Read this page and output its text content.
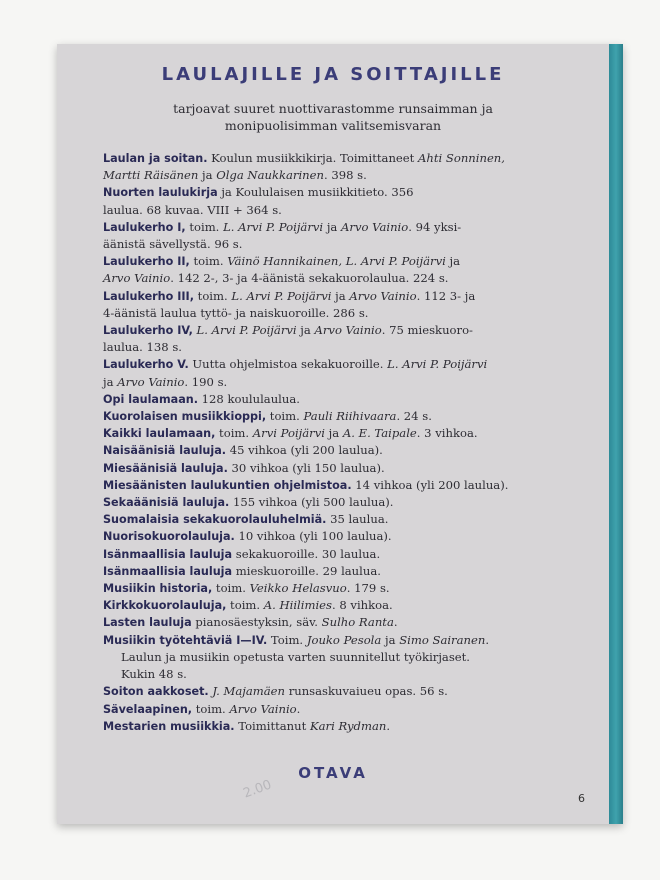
LAULAJILLE JA SOITTAJILLE
tarjoavat suuret nuottivarastomme runsaimman ja
monipuolisimman valitsemisvaran
Laulan ja soitan. Koulun musiikkikirja. Toimittaneet Ahti Sonninen,
Martti Räisänen ja Olga Naukkarinen. 398 s.
Nuorten laulukirja ja Koululaisen musiikkitieto. 356
laulua. 68 kuvaa. VIII + 364 s.
Laulukerho I, toim. L. Arvi P. Poijärvi ja Arvo Vainio. 94 yksi-
äänistä sävellystä. 96 s.
Laulukerho II, toim. Väinö Hannikainen, L. Arvi P. Poijärvi ja
Arvo Vainio. 142 2-, 3- ja 4-äänistä sekakuorolaulua. 224 s.
Laulukerho III, toim. L. Arvi P. Poijärvi ja Arvo Vainio. 112 3- ja
4-äänistä laulua tyttö- ja naiskuoroille. 286 s.
Laulukerho IV, L. Arvi P. Poijärvi ja Arvo Vainio. 75 mieskuoro-
laulua. 138 s.
Laulukerho V. Uutta ohjelmistoa sekakuoroille. L. Arvi P. Poijärvi
ja Arvo Vainio. 190 s.
Opi laulamaan. 128 koululaulua.
Kuorolaisen musiikkioppi, toim. Pauli Riihivaara. 24 s.
Kaikki laulamaan, toim. Arvi Poijärvi ja A. E. Taipale. 3 vihkoa.
Naisäänisiä lauluja. 45 vihkoa (yli 200 laulua).
Miesäänisiä lauluja. 30 vihkoa (yli 150 laulua).
Miesäänisten laulukuntien ohjelmistoa. 14 vihkoa (yli 200 laulua).
Sekaäänisiä lauluja. 155 vihkoa (yli 500 laulua).
Suomalaisia sekakuorolauluhelmiä. 35 laulua.
Nuorisokuorolauluja. 10 vihkoa (yli 100 laulua).
Isänmaallisia lauluja sekakuoroille. 30 laulua.
Isänmaallisia lauluja mieskuoroille. 29 laulua.
Musiikin historia, toim. Veikko Helasvuo. 179 s.
Kirkkokuorolauluja, toim. A. Hiilimies. 8 vihkoa.
Lasten lauluja pianosäestyksin, säv. Sulho Ranta.
Musiikin työtehtäviä I—IV. Toim. Jouko Pesola ja Simo Sairanen.
Laulun ja musiikin opetusta varten suunnitellut työkirjaset.
Kukin 48 s.
Soiton aakkoset. J. Majamäen runsaskuvaiueu opas. 56 s.
Sävelaapinen, toim. Arvo Vainio.
Mestarien musiikkia. Toimittanut Kari Rydman.
2.00
OTAVA
6
